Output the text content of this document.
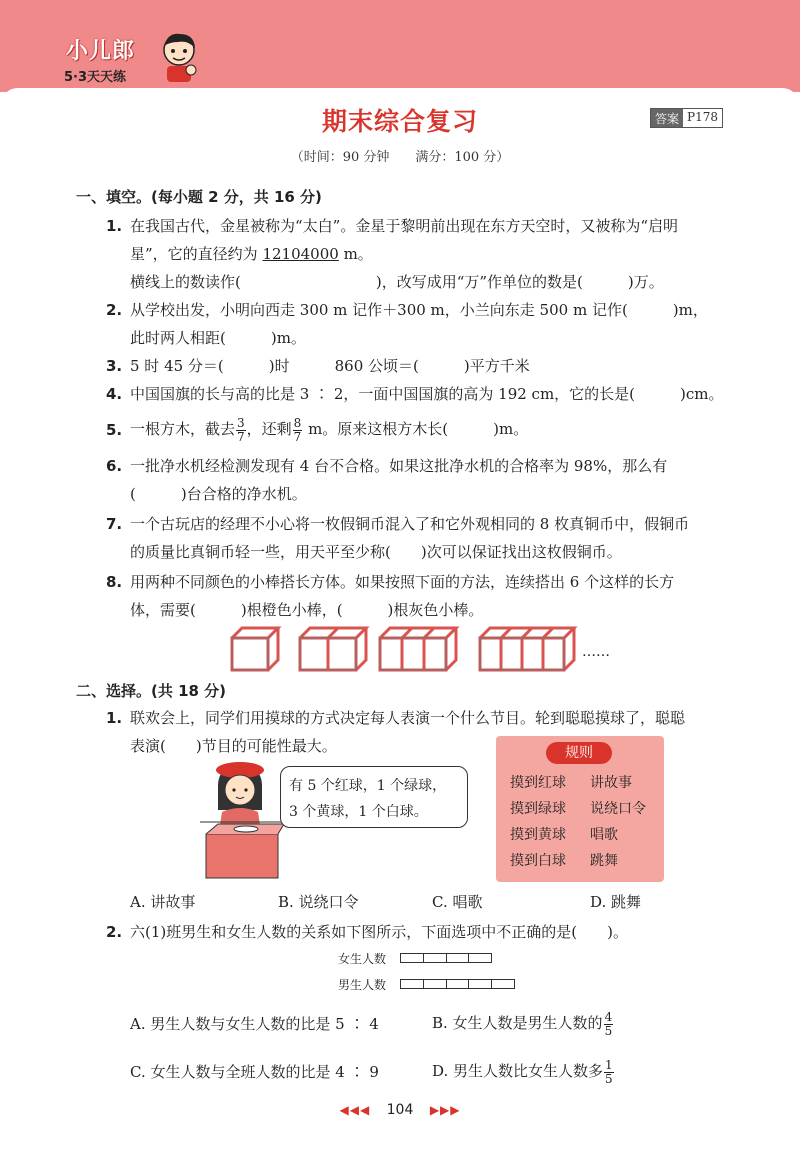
小儿郎
5·3天天练
期末综合复习	答案 P178
（时间：90 分钟　　满分：100 分）
一、填空。(每小题 2 分，共 16 分)
1. 在我国古代，金星被称为“太白”。金星于黎明前出现在东方天空时，又被称为“启明
星”，它的直径约为 12104000 m。
横线上的数读作(　　　　　　　　　)，改写成用“万”作单位的数是(　　　)万。
2. 从学校出发，小明向西走 300 m 记作＋300 m，小兰向东走 500 m 记作(　　　)m，
此时两人相距(　　　)m。
3. 5 时 45 分＝(　　　)时　　　860 公顷＝(　　　)平方千米
4. 中国国旗的长与高的比是 3 ∶ 2，一面中国国旗的高为 192 cm，它的长是(　　　)cm。
5. 一根方木，截去 $\frac{3}{7}$ ，还剩 $\frac{8}{7}$ m。原来这根方木长(　　　)m。
6. 一批净水机经检测发现有 4 台不合格。如果这批净水机的合格率为 98%，那么有
(　　　)台合格的净水机。
7. 一个古玩店的经理不小心将一枚假铜币混入了和它外观相同的 8 枚真铜币中，假铜币
的质量比真铜币轻一些，用天平至少称(　　)次可以保证找出这枚假铜币。
8. 用两种不同颜色的小棒搭长方体。如果按照下面的方法，连续搭出 6 个这样的长方
体，需要(　　　)根橙色小棒，(　　　)根灰色小棒。
……
二、选择。(共 18 分)
1. 联欢会上，同学们用摸球的方式决定每人表演一个什么节目。轮到聪聪摸球了，聪聪
表演(　　)节目的可能性最大。
有 5 个红球，1 个绿球，
3 个黄球，1 个白球。
规则
摸到红球 讲故事
摸到绿球 说绕口令
摸到黄球 唱歌
摸到白球 跳舞
A. 讲故事	B. 说绕口令	C. 唱歌	D. 跳舞
2. 六(1)班男生和女生人数的关系如下图所示，下面选项中不正确的是(　　)。
女生人数
男生人数
A. 男生人数与女生人数的比是 5 ∶ 4	B. 女生人数是男生人数的 $\frac{4}{5}$
C. 女生人数与全班人数的比是 4 ∶ 9	D. 男生人数比女生人数多 $\frac{1}{5}$
◀◀◀ 104 ▶▶▶
